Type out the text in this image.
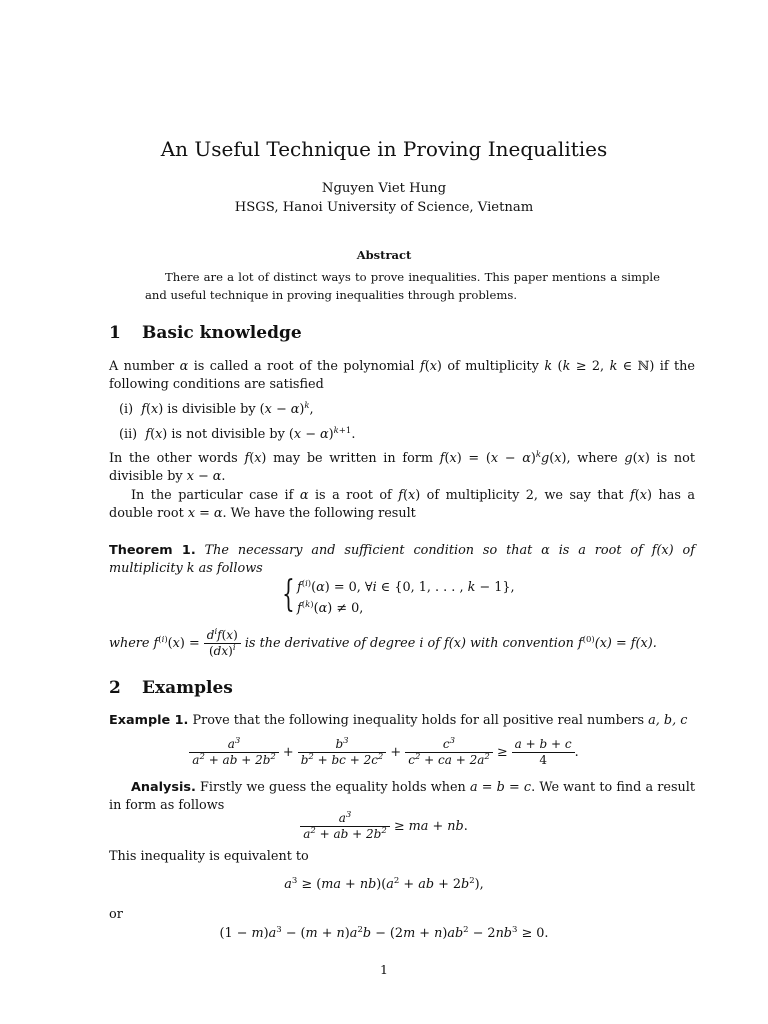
An Useful Technique in Proving Inequalities
Nguyen Viet Hung
HSGS, Hanoi University of Science, Vietnam
Abstract

There are a lot of distinct ways to prove inequalities. This paper mentions a simple and useful technique in proving inequalities through problems.

1 Basic knowledge

A number α is called a root of the polynomial f(x) of multiplicity k (k ≥ 2, k ∈ ℕ) if the following conditions are satisfied

(i)  f(x) is divisible by $(x - \alpha)^k$,

(ii)  f(x) is not divisible by $(x - \alpha)^{k+1}$.

In the other words f(x) may be written in form $f(x) = (x - \alpha)^kg(x)$, where g(x) is not divisible by x − α.

In the particular case if α is a root of f(x) of multiplicity 2, we say that f(x) has a double root x = α. We have the following result

Theorem 1. The necessary and sufficient condition so that α is a root of f(x) of multiplicity k as follows

{ $f^{(i)}(\alpha) = 0$, ∀i ∈ {0, 1, . . . , k − 1},
$f^{(k)}(\alpha) \ne 0$,
where $f^{(i)}(x) = \frac{d^if(x)}{(dx)^i}$ is the derivative of degree i of f(x) with convention $f^{(0)}(x) = f(x)$.
2 Examples

Example 1. Prove that the following inequality holds for all positive real numbers a, b, c

$\frac{a^3}{a^2 + ab + 2b^2} + \frac{b^3}{b^2 + bc + 2c^2} + \frac{c^3}{c^2 + ca + 2a^2} \ge \frac{a + b + c}{4}$ .

Analysis. Firstly we guess the equality holds when a = b = c. We want to find a result in form as follows

$\frac{a^3}{a^2 + ab + 2b^2}$ ≥ ma + nb.

This inequality is equivalent to

$a^3 \ge (ma + nb)(a^2$ + ab + $2b^2$),

or

$(1 - m)a^3 - (m + n)a^2b - (2m + n)ab^2 - 2nb^3 \ge 0$.
1
